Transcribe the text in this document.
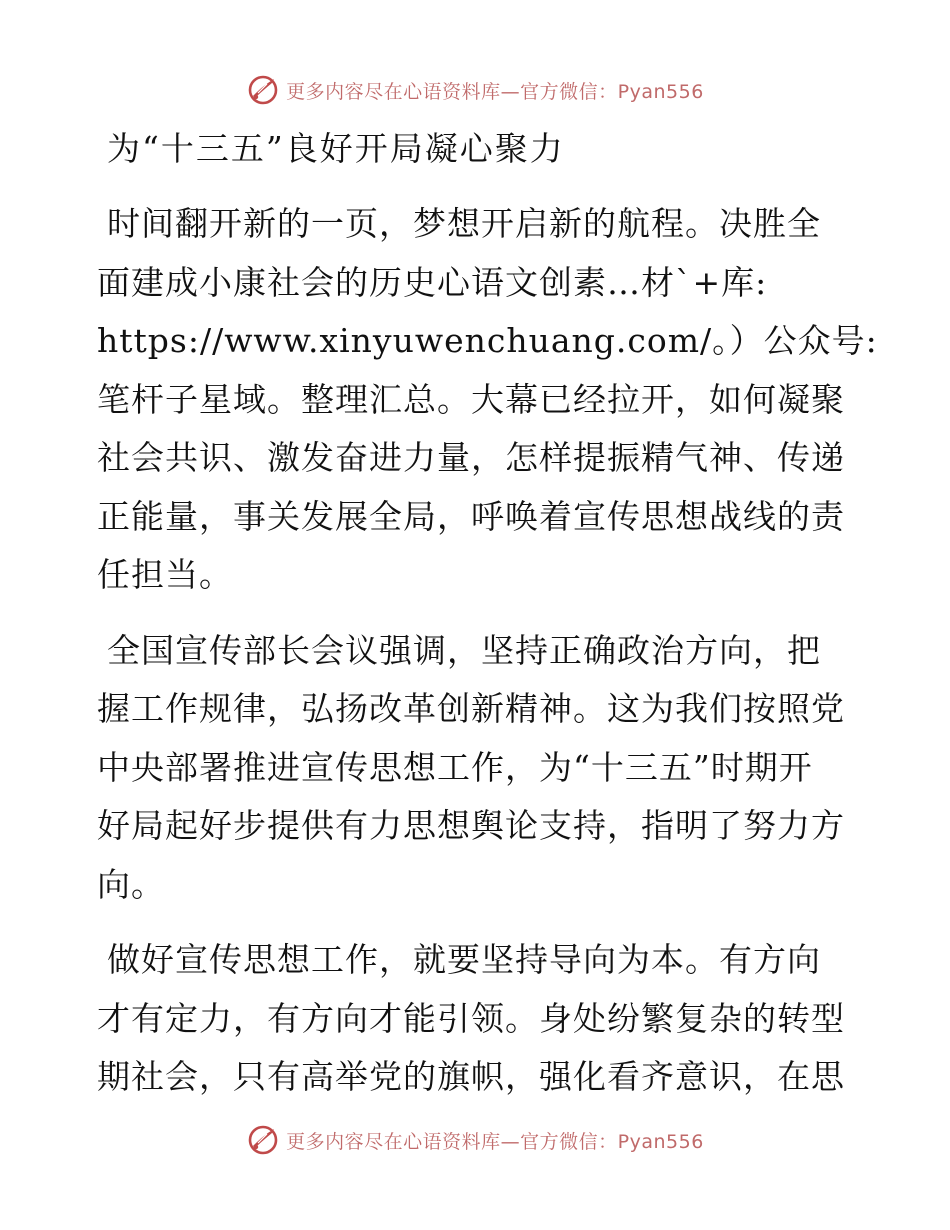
更多内容尽在心语资料库—官方微信：Pyan556
为“十三五”良好开局凝心聚力

时间翻开新的一页，梦想开启新的航程。决胜全
面建成小康社会的历史心语文创素…材`+库:
https://www.xinyuwenchuang.com/。）公众号:
笔杆子星域。整理汇总。大幕已经拉开，如何凝聚
社会共识、激发奋进力量，怎样提振精气神、传递
正能量，事关发展全局，呼唤着宣传思想战线的责
任担当。

全国宣传部长会议强调，坚持正确政治方向，把
握工作规律，弘扬改革创新精神。这为我们按照党
中央部署推进宣传思想工作，为“十三五”时期开
好局起好步提供有力思想舆论支持，指明了努力方
向。

做好宣传思想工作，就要坚持导向为本。有方向
才有定力，有方向才能引领。身处纷繁复杂的转型
期社会，只有高举党的旗帜，强化看齐意识，在思

更多内容尽在心语资料库—官方微信：Pyan556
